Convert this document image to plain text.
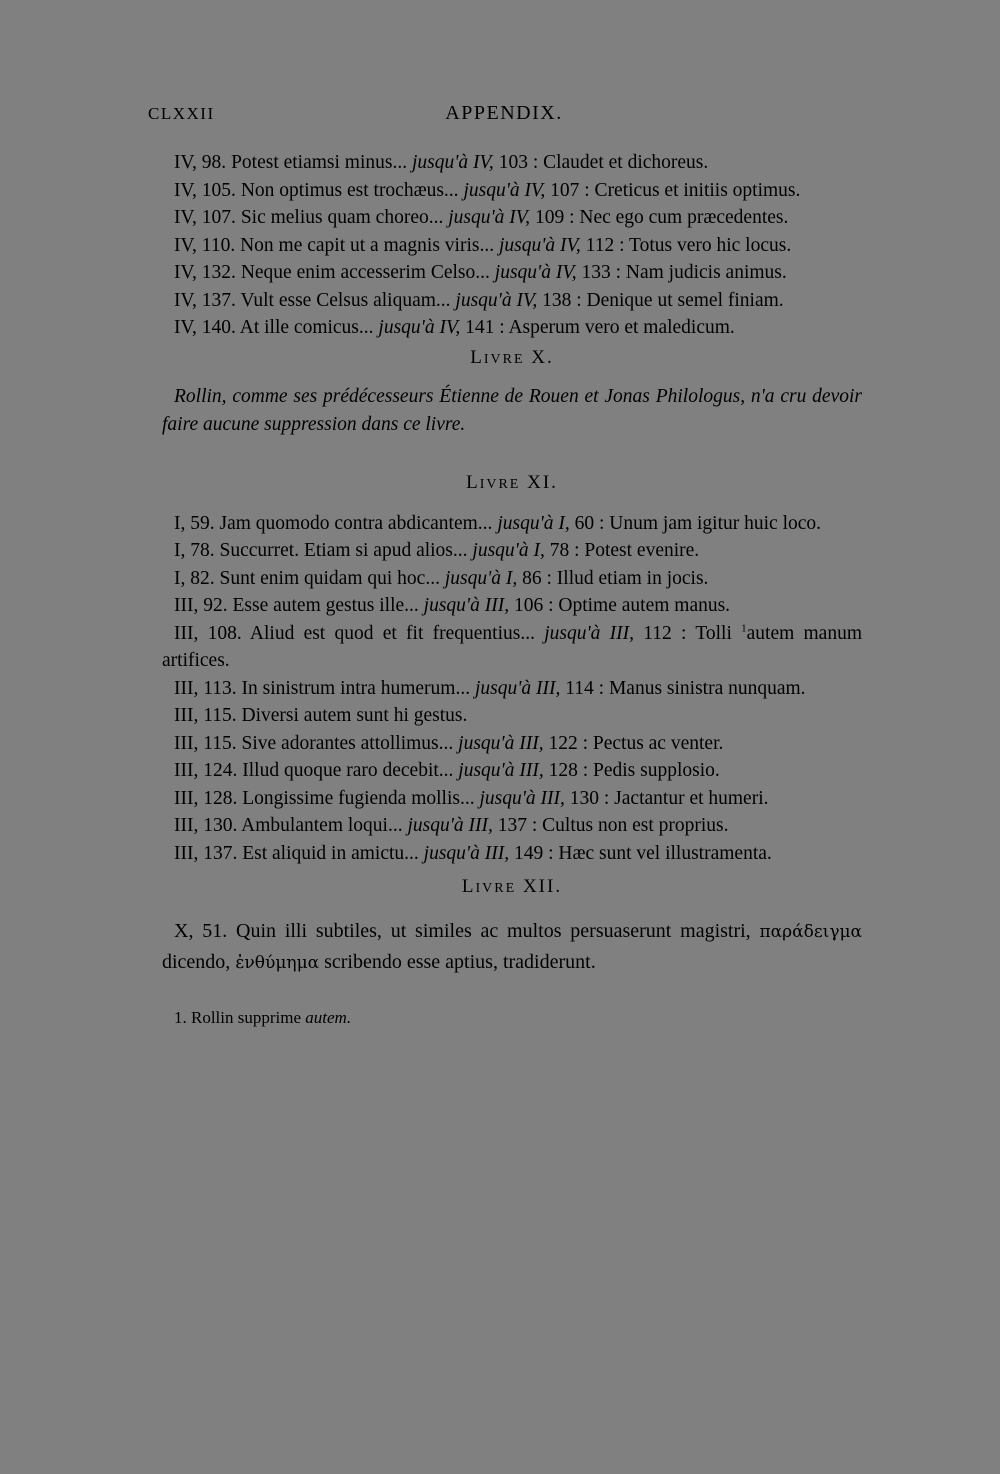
CLXXII	APPENDIX.

IV, 98. Potest etiamsi minus... jusqu'à IV, 103 : Claudet et dichoreus.

IV, 105. Non optimus est trochæus... jusqu'à IV, 107 : Creticus et initiis optimus.

IV, 107. Sic melius quam choreo... jusqu'à IV, 109 : Nec ego cum præcedentes.

IV, 110. Non me capit ut a magnis viris... jusqu'à IV, 112 : Totus vero hic locus.

IV, 132. Neque enim accesserim Celso... jusqu'à IV, 133 : Nam judicis animus.

IV, 137. Vult esse Celsus aliquam... jusqu'à IV, 138 : Denique ut semel finiam.

IV, 140. At ille comicus... jusqu'à IV, 141 : Asperum vero et maledicum.

LIVRE X.

Rollin, comme ses prédécesseurs Étienne de Rouen et Jonas Philologus, n'a cru devoir faire aucune suppression dans ce livre.

LIVRE XI.

I, 59. Jam quomodo contra abdicantem... jusqu'à I, 60 : Unum jam igitur huic loco.

I, 78. Succurret. Etiam si apud alios... jusqu'à I, 78 : Potest evenire.

I, 82. Sunt enim quidam qui hoc... jusqu'à I, 86 : Illud etiam in jocis.

III, 92. Esse autem gestus ille... jusqu'à III, 106 : Optime autem manus.

III, 108. Aliud est quod et fit frequentius... jusqu'à III, 112 : Tolli $^1$autem manum artifices.

III, 113. In sinistrum intra humerum... jusqu'à III, 114 : Manus sinistra nunquam.

III, 115. Diversi autem sunt hi gestus.

III, 115. Sive adorantes attollimus... jusqu'à III, 122 : Pectus ac venter.

III, 124. Illud quoque raro decebit... jusqu'à III, 128 : Pedis supplosio.

III, 128. Longissime fugienda mollis... jusqu'à III, 130 : Jactantur et humeri.

III, 130. Ambulantem loqui... jusqu'à III, 137 : Cultus non est proprius.

III, 137. Est aliquid in amictu... jusqu'à III, 149 : Hæc sunt vel illustramenta.

LIVRE XII.

X, 51. Quin illi subtiles, ut similes ac multos persuaserunt magistri, παράδειγμα dicendo, ἐνθύμημα scribendo esse aptius, tradiderunt.

1. Rollin supprime autem.
